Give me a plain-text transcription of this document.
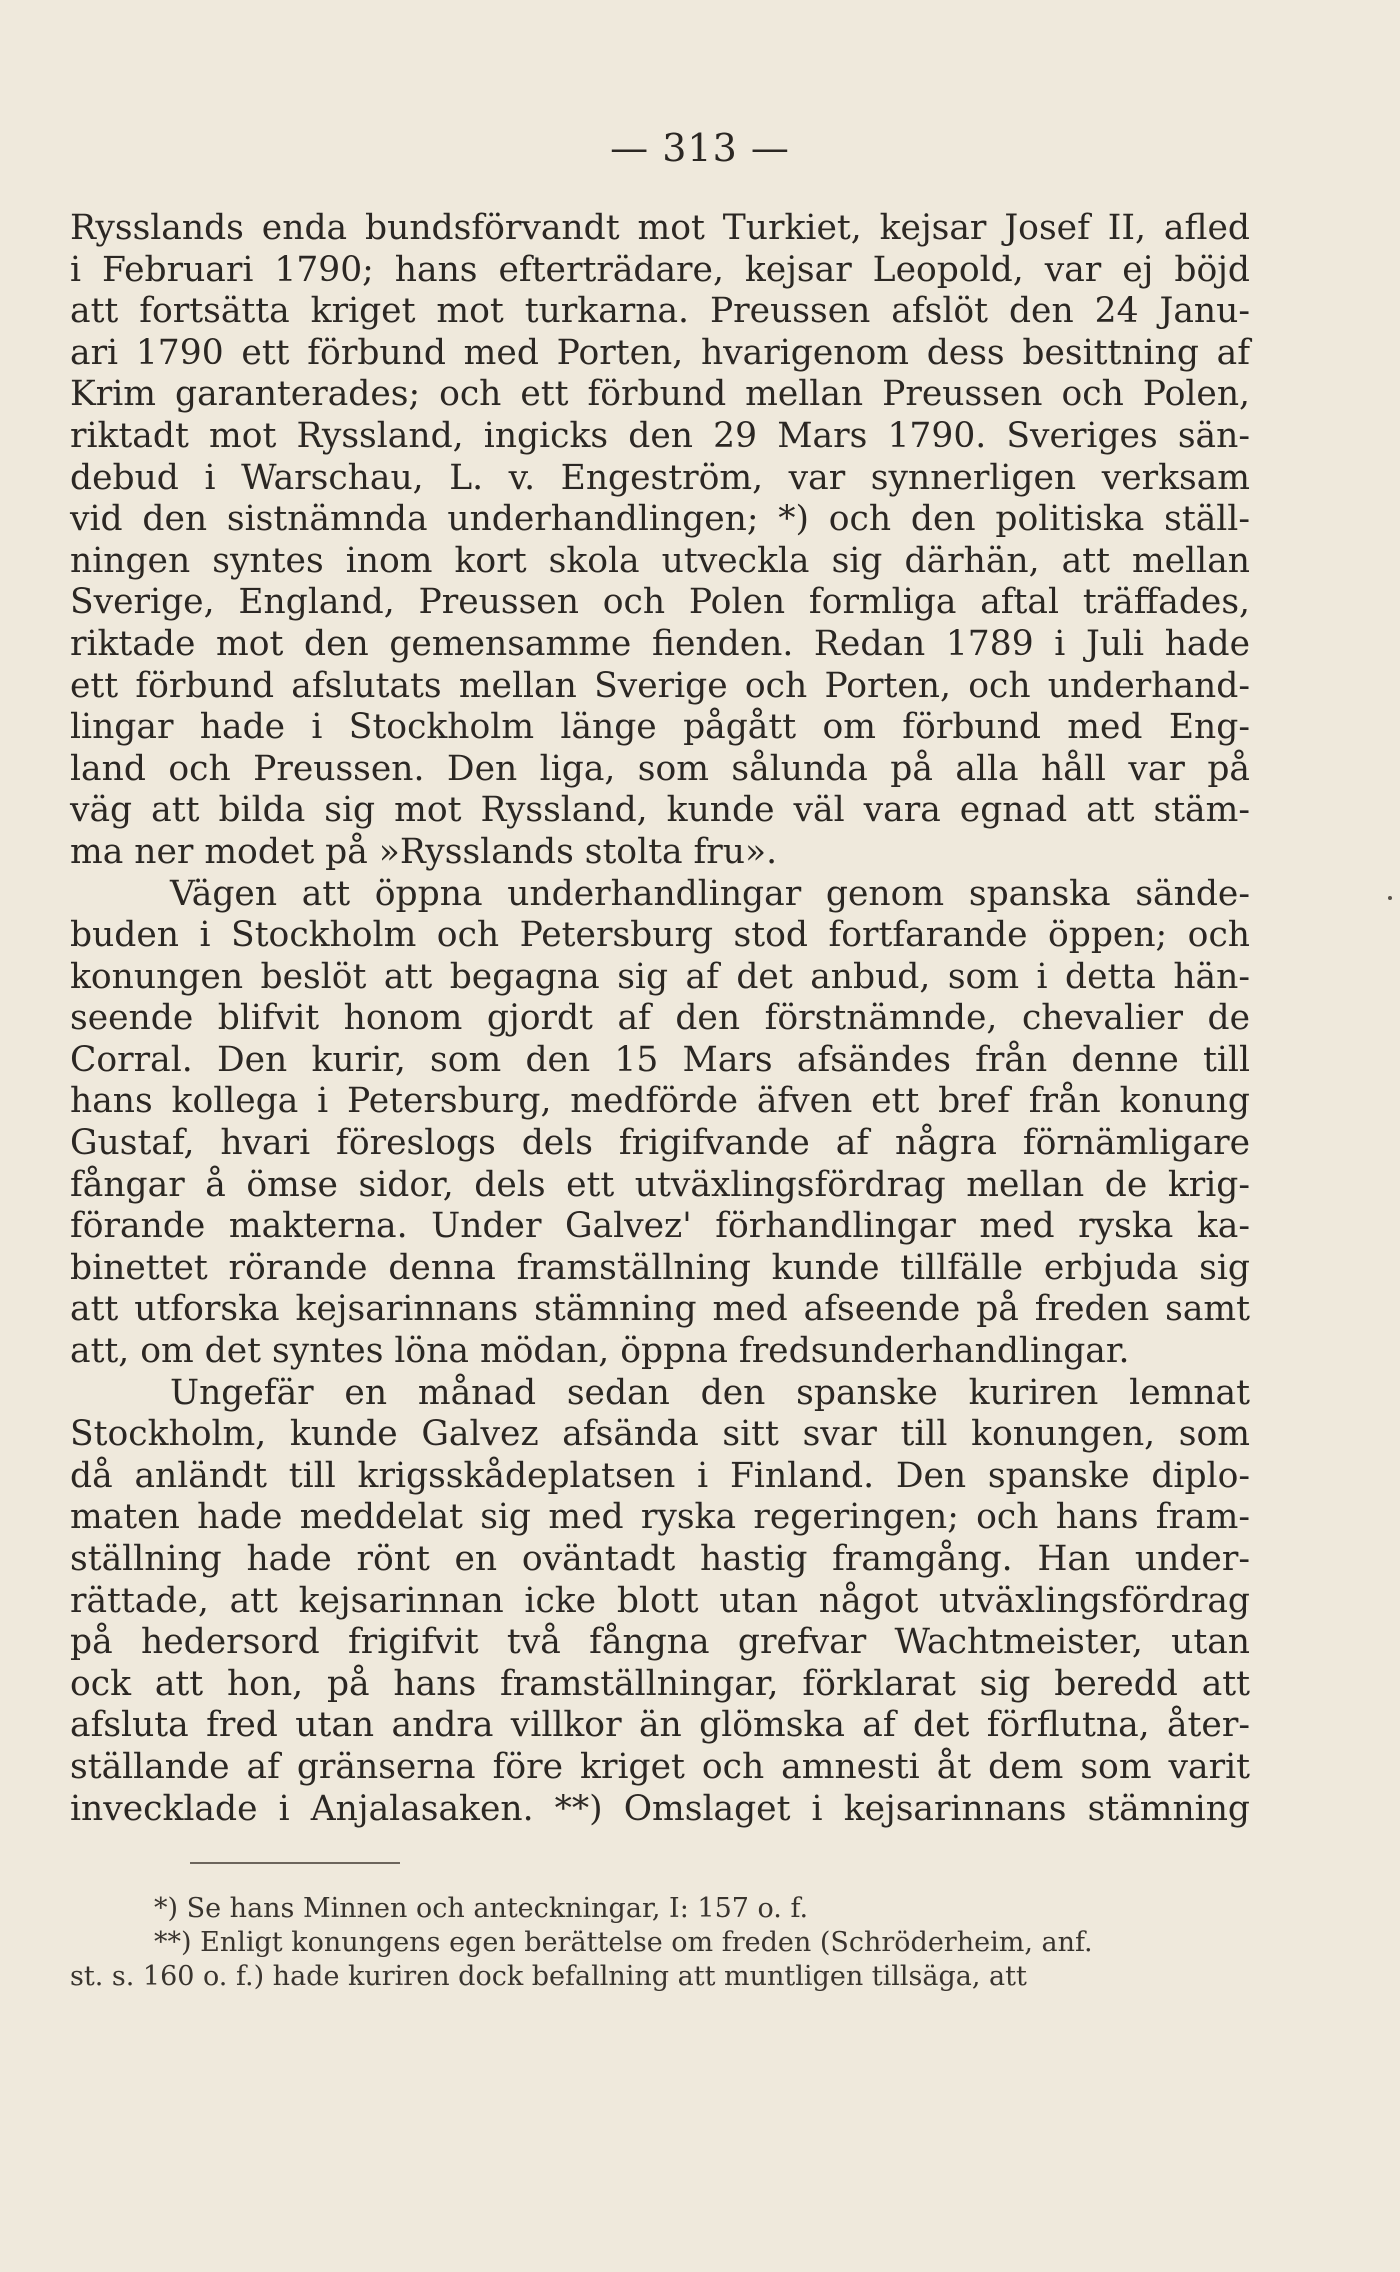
— 313 —
Rysslands enda bundsförvandt mot Turkiet, kejsar Josef II, afled
i Februari 1790; hans efterträdare, kejsar Leopold, var ej böjd
att fortsätta kriget mot turkarna. Preussen afslöt den 24 Janu-
ari 1790 ett förbund med Porten, hvarigenom dess besittning af
Krim garanterades; och ett förbund mellan Preussen och Polen,
riktadt mot Ryssland, ingicks den 29 Mars 1790. Sveriges sän-
debud i Warschau, L. v. Engeström, var synnerligen verksam
vid den sistnämnda underhandlingen; *) och den politiska ställ-
ningen syntes inom kort skola utveckla sig därhän, att mellan
Sverige, England, Preussen och Polen formliga aftal träffades,
riktade mot den gemensamme fienden. Redan 1789 i Juli hade
ett förbund afslutats mellan Sverige och Porten, och underhand-
lingar hade i Stockholm länge pågått om förbund med Eng-
land och Preussen. Den liga, som sålunda på alla håll var på
väg att bilda sig mot Ryssland, kunde väl vara egnad att stäm-
ma ner modet på »Rysslands stolta fru».
Vägen att öppna underhandlingar genom spanska sände-
buden i Stockholm och Petersburg stod fortfarande öppen; och
konungen beslöt att begagna sig af det anbud, som i detta hän-
seende blifvit honom gjordt af den förstnämnde, chevalier de
Corral. Den kurir, som den 15 Mars afsändes från denne till
hans kollega i Petersburg, medförde äfven ett bref från konung
Gustaf, hvari föreslogs dels frigifvande af några förnämligare
fångar å ömse sidor, dels ett utväxlingsfördrag mellan de krig-
förande makterna. Under Galvez' förhandlingar med ryska ka-
binettet rörande denna framställning kunde tillfälle erbjuda sig
att utforska kejsarinnans stämning med afseende på freden samt
att, om det syntes löna mödan, öppna fredsunderhandlingar.
Ungefär en månad sedan den spanske kuriren lemnat
Stockholm, kunde Galvez afsända sitt svar till konungen, som
då anländt till krigsskådeplatsen i Finland. Den spanske diplo-
maten hade meddelat sig med ryska regeringen; och hans fram-
ställning hade rönt en oväntadt hastig framgång. Han under-
rättade, att kejsarinnan icke blott utan något utväxlingsfördrag
på hedersord frigifvit två fångna grefvar Wachtmeister, utan
ock att hon, på hans framställningar, förklarat sig beredd att
afsluta fred utan andra villkor än glömska af det förflutna, åter-
ställande af gränserna före kriget och amnesti åt dem som varit
invecklade i Anjalasaken. **) Omslaget i kejsarinnans stämning
*) Se hans Minnen och anteckningar, I: 157 o. f.
**) Enligt konungens egen berättelse om freden (Schröderheim, anf.
st. s. 160 o. f.) hade kuriren dock befallning att muntligen tillsäga, att
